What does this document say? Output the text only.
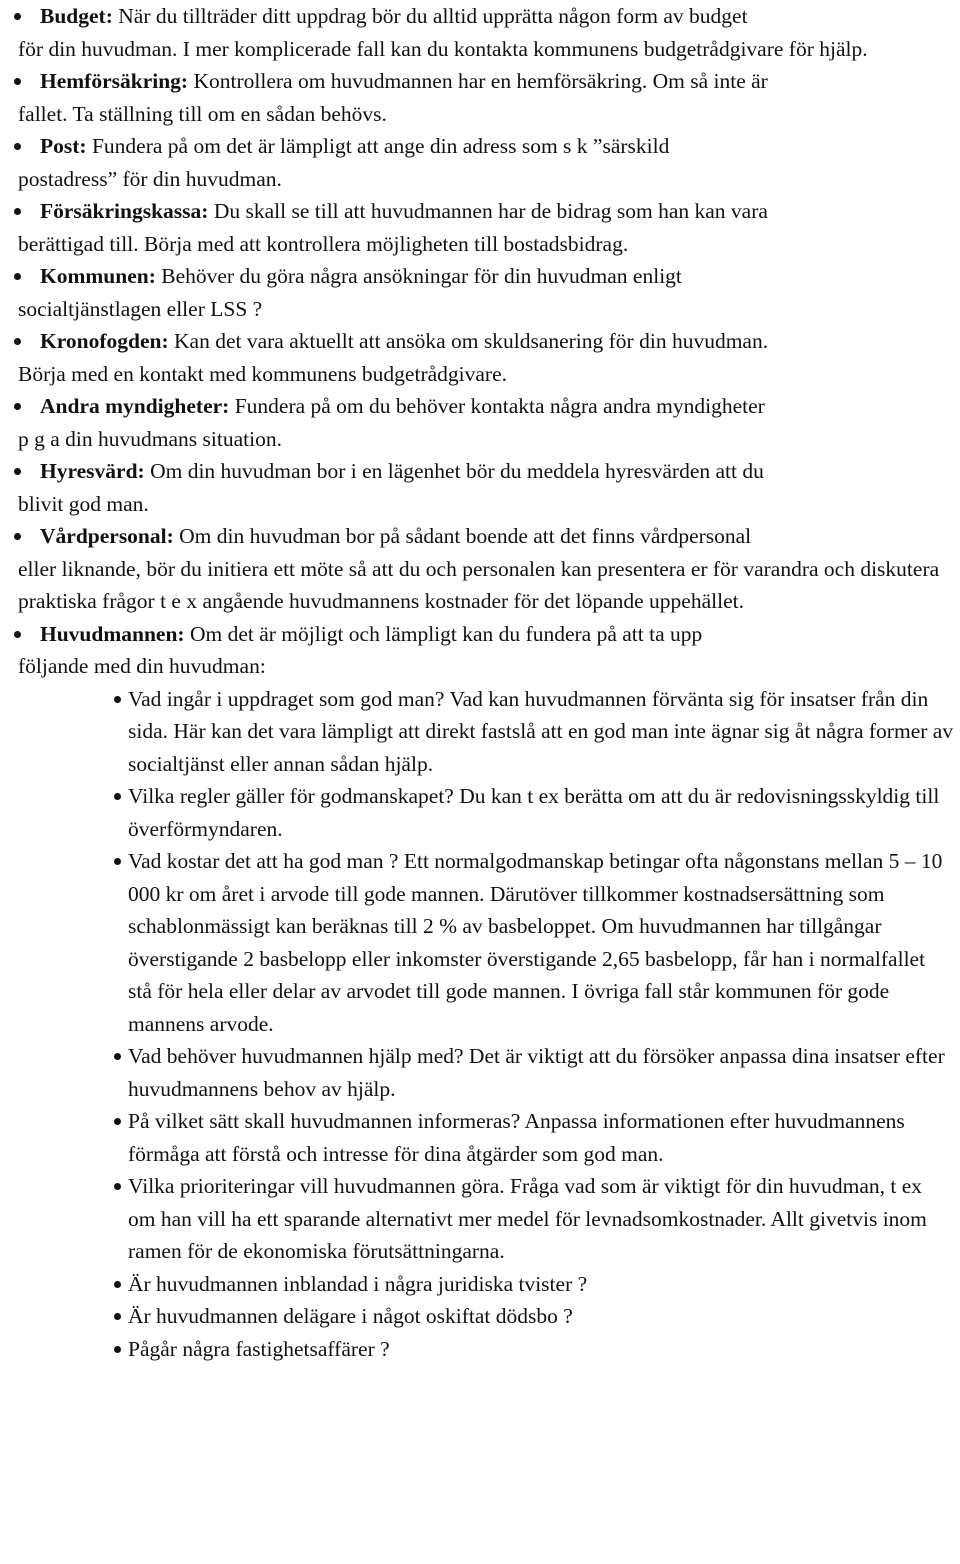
Budget: När du tillträder ditt uppdrag bör du alltid upprätta någon form av budget
för din huvudman. I mer komplicerade fall kan du kontakta kommunens budgetrådgivare för hjälp.
Hemförsäkring: Kontrollera om huvudmannen har en hemförsäkring. Om så inte är
fallet. Ta ställning till om en sådan behövs.
Post: Fundera på om det är lämpligt att ange din adress som s k ”särskild
postadress” för din huvudman.
Försäkringskassa: Du skall se till att huvudmannen har de bidrag som han kan vara
berättigad till. Börja med att kontrollera möjligheten till bostadsbidrag.
Kommunen: Behöver du göra några ansökningar för din huvudman enligt
socialtjänstlagen eller LSS ?
Kronofogden: Kan det vara aktuellt att ansöka om skuldsanering för din huvudman.
Börja med en kontakt med kommunens budgetrådgivare.
Andra myndigheter: Fundera på om du behöver kontakta några andra myndigheter
p g a din huvudmans situation.
Hyresvärd: Om din huvudman bor i en lägenhet bör du meddela hyresvärden att du
blivit god man.
Vårdpersonal: Om din huvudman bor på sådant boende att det finns vårdpersonal
eller liknande, bör du initiera ett möte så att du och personalen kan presentera er för varandra och diskutera praktiska frågor t e x angående huvudmannens kostnader för det löpande uppehället.
Huvudmannen: Om det är möjligt och lämpligt kan du fundera på att ta upp
följande med din huvudman:
Vad ingår i uppdraget som god man? Vad kan huvudmannen förvänta sig för insatser från din sida. Här kan det vara lämpligt att direkt fastslå att en god man inte ägnar sig åt några former av socialtjänst eller annan sådan hjälp.
Vilka regler gäller för godmanskapet? Du kan t ex berätta om att du är redovisningsskyldig till överförmyndaren.
Vad kostar det att ha god man ? Ett normalgodmanskap betingar ofta någonstans mellan 5 – 10 000 kr om året i arvode till gode mannen. Därutöver tillkommer kostnadsersättning som schablonmässigt kan beräknas till 2 % av basbeloppet. Om huvudmannen har tillgångar överstigande 2 basbelopp eller inkomster överstigande 2,65 basbelopp, får han i normalfallet stå för hela eller delar av arvodet till gode mannen. I övriga fall står kommunen för gode mannens arvode.
Vad behöver huvudmannen hjälp med? Det är viktigt att du försöker anpassa dina insatser efter huvudmannens behov av hjälp.
På vilket sätt skall huvudmannen informeras? Anpassa informationen efter huvudmannens förmåga att förstå och intresse för dina åtgärder som god man.
Vilka prioriteringar vill huvudmannen göra. Fråga vad som är viktigt för din huvudman, t ex om han vill ha ett sparande alternativt mer medel för levnadsomkostnader. Allt givetvis inom ramen för de ekonomiska förutsättningarna.
Är huvudmannen inblandad i några juridiska tvister ?
Är huvudmannen delägare i något oskiftat dödsbo ?
Pågår några fastighetsaffärer ?
